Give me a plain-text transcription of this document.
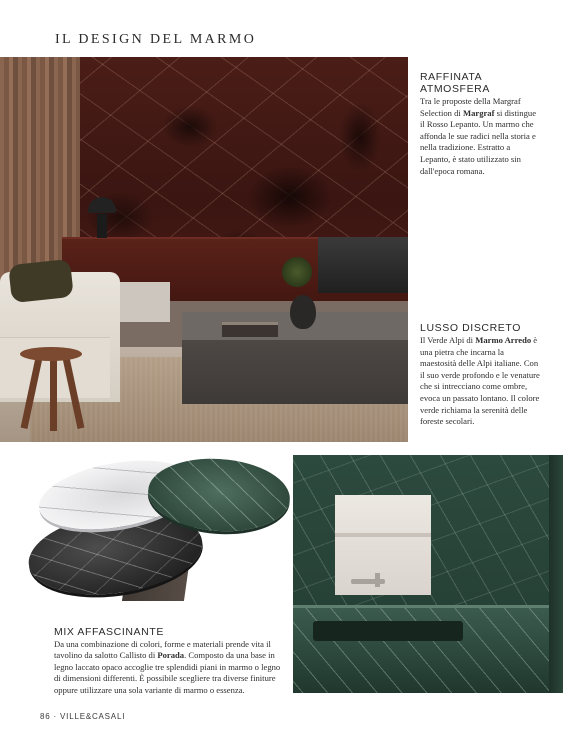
IL DESIGN DEL MARMO
RAFFINATA ATMOSFERA
Tra le proposte della Margraf Selection di Margraf si distingue il Rosso Lepanto. Un marmo che affonda le sue radici nella storia e nella tradizione. Estratto a Lepanto, è stato utilizzato sin dall'epoca romana.
LUSSO DISCRETO
Il Verde Alpi di Marmo Arredo è una pietra che incarna la maestosità delle Alpi italiane. Con il suo verde profondo e le venature che si intrecciano come ombre, evoca un passato lontano. Il colore verde richiama la serenità delle foreste secolari.
MIX AFFASCINANTE
Da una combinazione di colori, forme e materiali prende vita il tavolino da salotto Callisto di Porada. Composto da una base in legno laccato opaco accoglie tre splendidi piani in marmo o legno di dimensioni differenti. È possibile scegliere tra diverse finiture oppure utilizzare una sola variante di marmo o essenza.
86 · VILLE&CASALI
